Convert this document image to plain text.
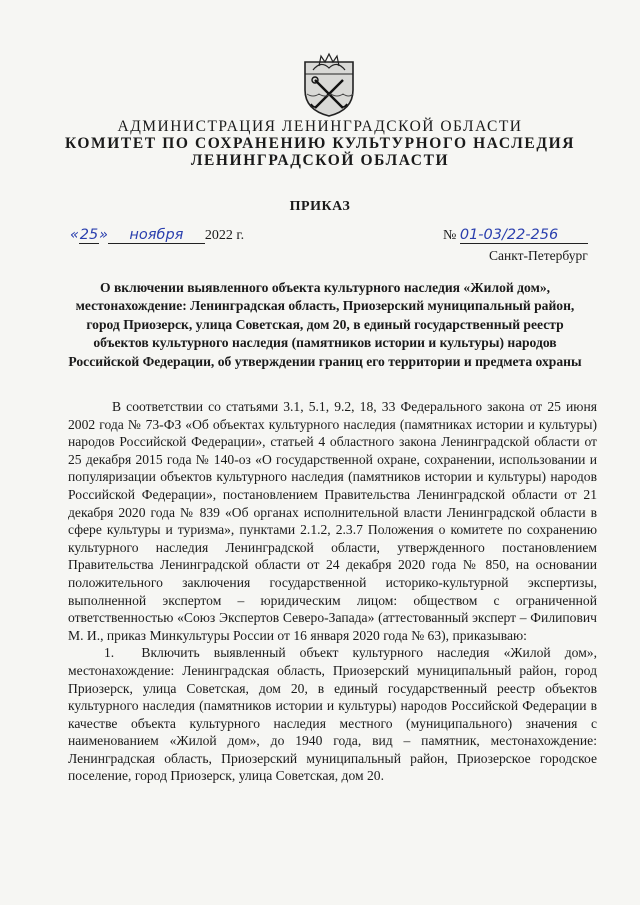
АДМИНИСТРАЦИЯ ЛЕНИНГРАДСКОЙ ОБЛАСТИ
КОМИТЕТ ПО СОХРАНЕНИЮ КУЛЬТУРНОГО НАСЛЕДИЯ
ЛЕНИНГРАДСКОЙ ОБЛАСТИ
ПРИКАЗ
«25» ноября 2022 г.	№ 01-03/22-256
Санкт-Петербург
О включении выявленного объекта культурного наследия «Жилой дом», местонахождение: Ленинградская область, Приозерский муниципальный район, город Приозерск, улица Советская, дом 20, в единый государственный реестр объектов культурного наследия (памятников истории и культуры) народов Российской Федерации, об утверждении границ его территории и предмета охраны

В соответствии со статьями 3.1, 5.1, 9.2, 18, 33 Федерального закона от 25 июня 2002 года № 73-ФЗ «Об объектах культурного наследия (памятниках истории и культуры) народов Российской Федерации», статьей 4 областного закона Ленинградской области от 25 декабря 2015 года № 140-оз «О государственной охране, сохранении, использовании и популяризации объектов культурного наследия (памятников истории и культуры) народов Российской Федерации», постановлением Правительства Ленинградской области от 21 декабря 2020 года № 839 «Об органах исполнительной власти Ленинградской области в сфере культуры и туризма», пунктами 2.1.2, 2.3.7 Положения о комитете по сохранению культурного наследия Ленинградской области, утвержденного постановлением Правительства Ленинградской области от 24 декабря 2020 года № 850, на основании положительного заключения государственной историко-культурной экспертизы, выполненной экспертом – юридическим лицом: обществом с ограниченной ответственностью «Союз Экспертов Северо-Запада» (аттестованный эксперт – Филипович М. И., приказ Минкультуры России от 16 января 2020 года № 63), приказываю:

1.  Включить выявленный объект культурного наследия «Жилой дом», местонахождение: Ленинградская область, Приозерский муниципальный район, город Приозерск, улица Советская, дом 20, в единый государственный реестр объектов культурного наследия (памятников истории и культуры) народов Российской Федерации в качестве объекта культурного наследия местного (муниципального) значения с наименованием «Жилой дом», до 1940 года, вид – памятник, местонахождение: Ленинградская область, Приозерский муниципальный район, Приозерское городское поселение, город Приозерск, улица Советская, дом 20.
